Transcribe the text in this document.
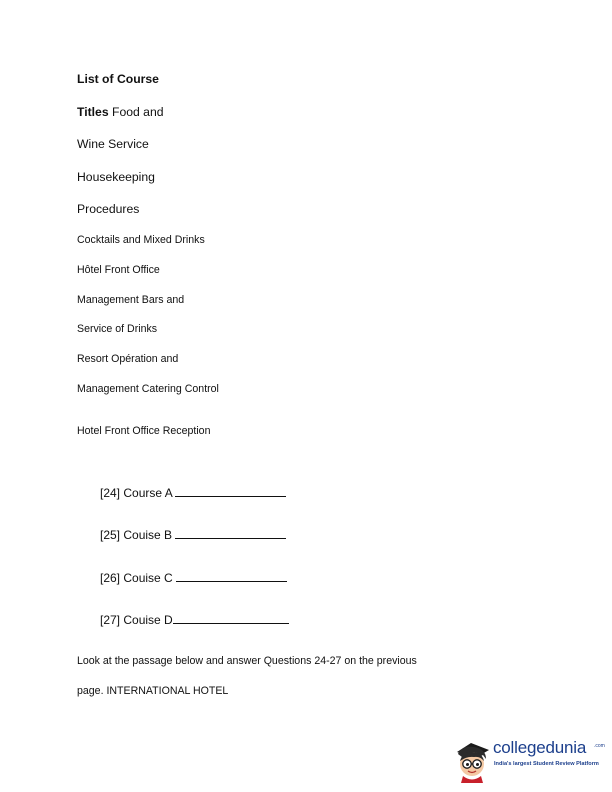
List of Course
Titles Food and
Wine Service
Housekeeping
Procedures
Cocktails and Mixed Drinks
Hôtel Front Office
Management Bars and
Service of Drinks
Resort Opération and
Management Catering Control
Hotel Front Office Reception
[24] Course A
[25] Couise B
[26] Couise C
[27] Couise D
Look at the passage below and answer Questions 24-27 on the previous
page. INTERNATIONAL HOTEL
collegedunia .com
India's largest Student Review Platform
